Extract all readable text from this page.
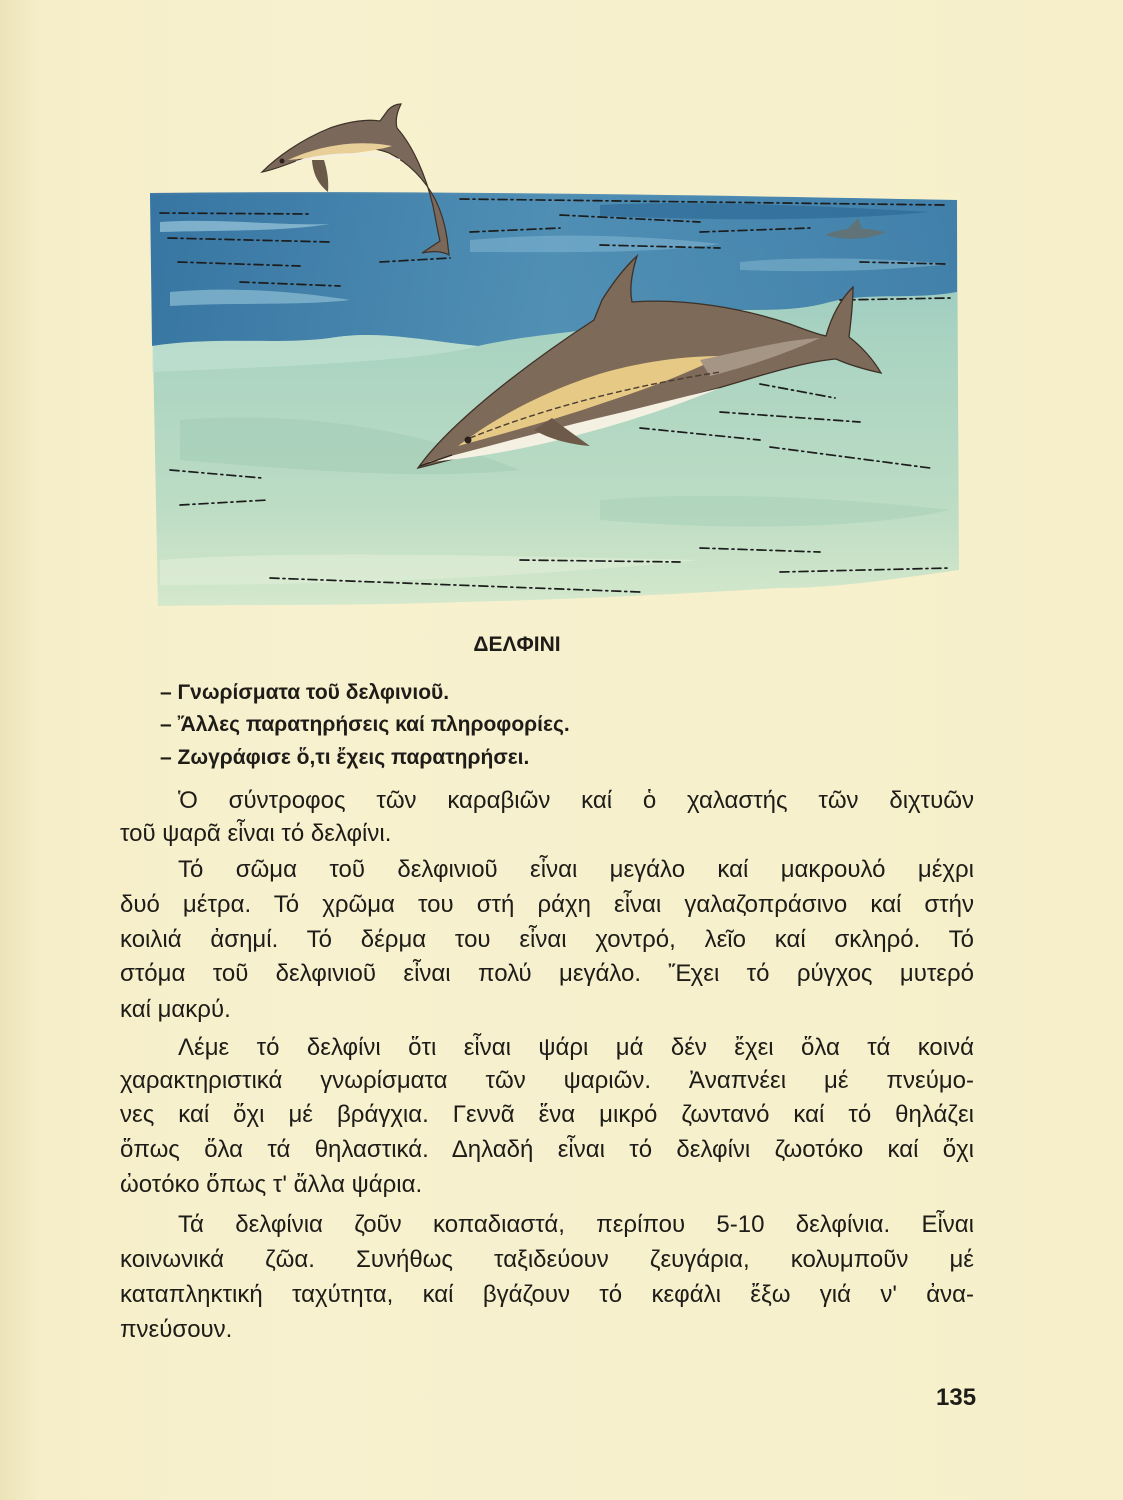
ΔΕΛΦΙΝΙ
– Γνωρίσματα τοῦ δελφινιοῦ.
– Ἄλλες παρατηρήσεις καί πληροφορίες.
– Ζωγράφισε ὅ,τι ἔχεις παρατηρήσει.
Ὁ σύντροφος τῶν καραβιῶν καί ὁ χαλαστής τῶν διχτυῶν
τοῦ ψαρᾶ εἶναι τό δελφίνι.
Τό σῶμα τοῦ δελφινιοῦ εἶναι μεγάλο καί μακρουλό μέχρι
δυό μέτρα. Τό χρῶμα του στή ράχη εἶναι γαλαζοπράσινο καί στήν
κοιλιά ἀσημί. Τό δέρμα του εἶναι χοντρό, λεῖο καί σκληρό. Τό
στόμα τοῦ δελφινιοῦ εἶναι πολύ μεγάλο. Ἔχει τό ρύγχος μυτερό
καί μακρύ.
Λέμε τό δελφίνι ὅτι εἶναι ψάρι μά δέν ἔχει ὅλα τά κοινά
χαρακτηριστικά γνωρίσματα τῶν ψαριῶν. Ἀναπνέει μέ πνεύμο-
νες καί ὄχι μέ βράγχια. Γεννᾶ ἕνα μικρό ζωντανό καί τό θηλάζει
ὅπως ὅλα τά θηλαστικά. Δηλαδή εἶναι τό δελφίνι ζωοτόκο καί ὄχι
ὠοτόκο ὅπως τ' ἄλλα ψάρια.
Τά δελφίνια ζοῦν κοπαδιαστά, περίπου 5-10 δελφίνια. Εἶναι
κοινωνικά ζῶα. Συνήθως ταξιδεύουν ζευγάρια, κολυμποῦν μέ
καταπληκτική ταχύτητα, καί βγάζουν τό κεφάλι ἔξω γιά ν' ἀνα-
πνεύσουν.
135
